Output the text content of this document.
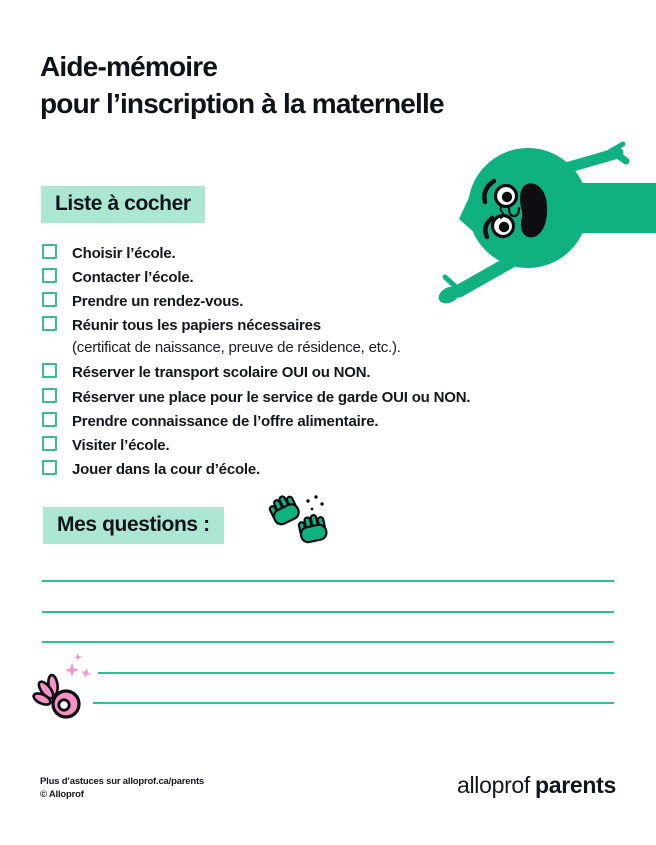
Aide-mémoire
pour l’inscription à la maternelle
Liste à cocher
Choisir l’école.
Contacter l’école.
Prendre un rendez-vous.
Réunir tous les papiers nécessaires
(certificat de naissance, preuve de résidence, etc.).
Réserver le transport scolaire OUI ou NON.
Réserver une place pour le service de garde OUI ou NON.
Prendre connaissance de l’offre alimentaire.
Visiter l’école.
Jouer dans la cour d’école.
Mes questions :
Plus d’astuces sur alloprof.ca/parents
© Alloprof	alloprof parents
